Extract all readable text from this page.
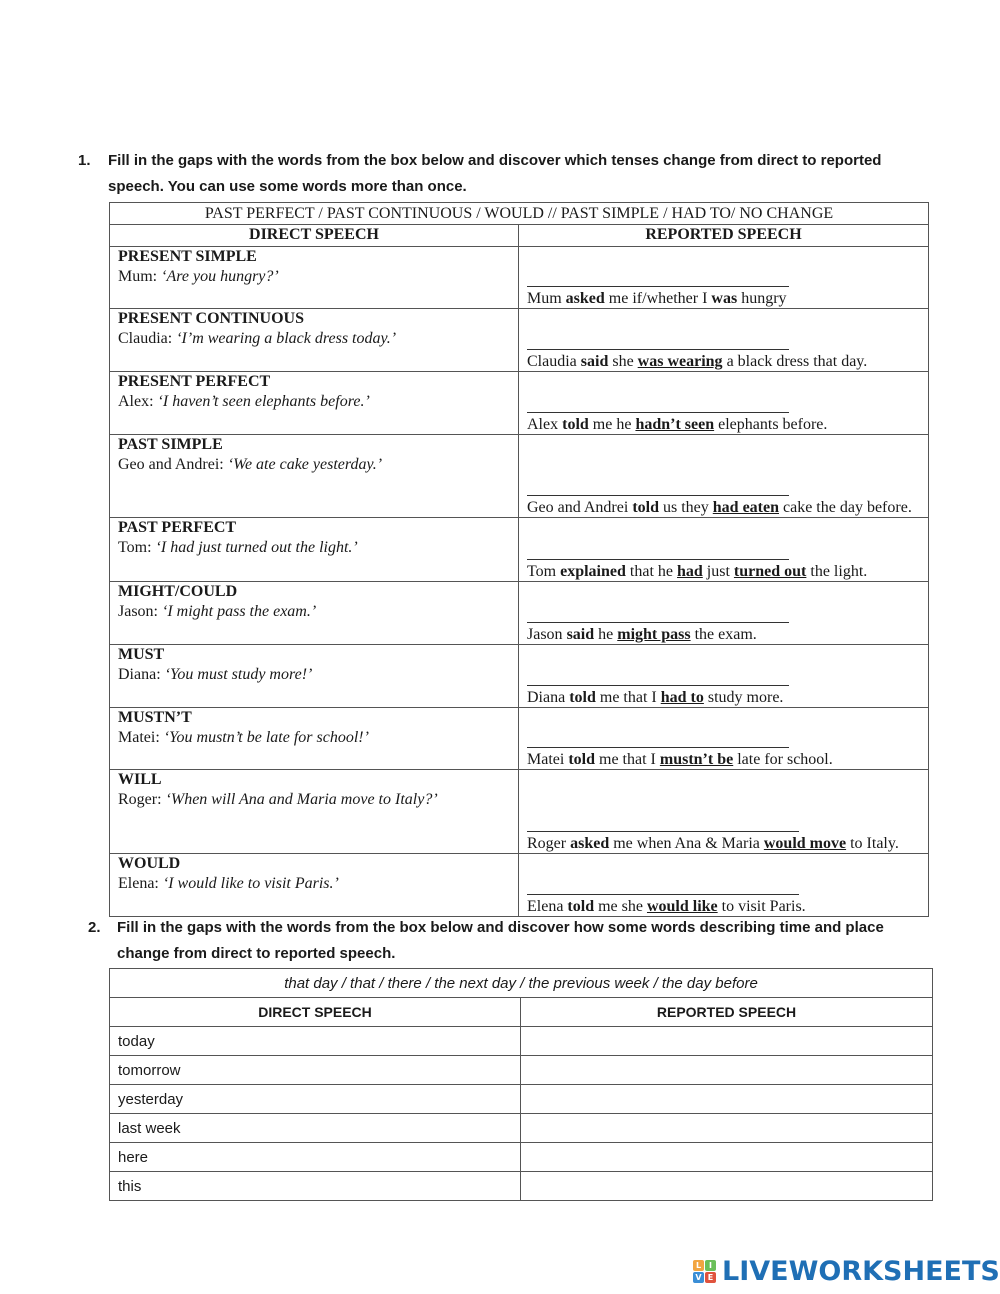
1.	Fill in the gaps with the words from the box below and discover which tenses change from direct to reported speech. You can use some words more than once.
PAST PERFECT / PAST CONTINUOUS / WOULD // PAST SIMPLE / HAD TO/ NO CHANGE	
DIRECT SPEECH	REPORTED SPEECH

PRESENT SIMPLE
Mum: ‘Are you hungry?’	Mum asked me if/whether I was hungry

PRESENT CONTINUOUS
Claudia: ‘I’m wearing a black dress today.’	Claudia said she was wearing a black dress that day.

PRESENT PERFECT
Alex: ‘I haven’t seen elephants before.’	Alex told me he hadn’t seen elephants before.

PAST SIMPLE
Geo and Andrei: ‘We ate cake yesterday.’	Geo and Andrei told us they had eaten cake the day before.

PAST PERFECT
Tom: ‘I had just turned out the light.’	Tom explained that he had just turned out the light.

MIGHT/COULD
Jason: ‘I might pass the exam.’	Jason said he might pass the exam.

MUST
Diana: ‘You must study more!’	Diana told me that I had to study more.

MUSTN’T
Matei: ‘You mustn’t be late for school!’	Matei told me that I mustn’t be late for school.

WILL
Roger: ‘When will Ana and Maria move to Italy?’	Roger asked me when Ana & Maria would move to Italy.

WOULD
Elena: ‘I would like to visit Paris.’	Elena told me she would like to visit Paris.
2.	Fill in the gaps with the words from the box below and discover how some words describing time and place change from direct to reported speech.
that day / that / there / the next day / the previous week / the day before	
DIRECT SPEECH	REPORTED SPEECH
today	
tomorrow	
yesterday	
last week	
here	
this	
L I
V E LIVEWORKSHEETS
